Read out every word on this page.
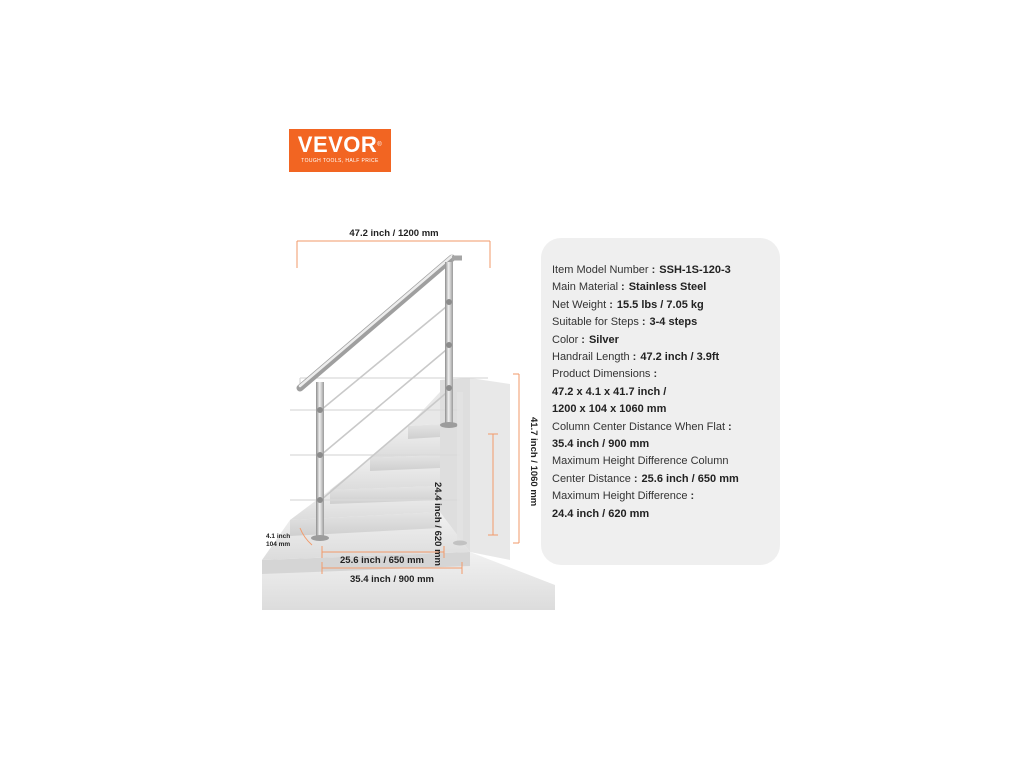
VEVOR®
TOUGH TOOLS, HALF PRICE
47.2 inch / 1200 mm
25.6 inch / 650 mm
35.4 inch / 900 mm
4.1 inch
104 mm	24.4 inch / 620 mm
41.7 inch / 1060 mm
Item Model Number : SSH-1S-120-3
Main Material : Stainless Steel
Net Weight : 15.5 lbs / 7.05 kg
Suitable for Steps : 3-4 steps
Color : Silver
Handrail Length : 47.2 inch / 3.9ft
Product Dimensions :
47.2 x 4.1 x 41.7 inch /
1200 x 104 x 1060 mm
Column Center Distance When Flat :
35.4 inch / 900 mm
Maximum Height Difference Column
Center Distance : 25.6 inch / 650 mm
Maximum Height Difference :
24.4 inch / 620 mm
